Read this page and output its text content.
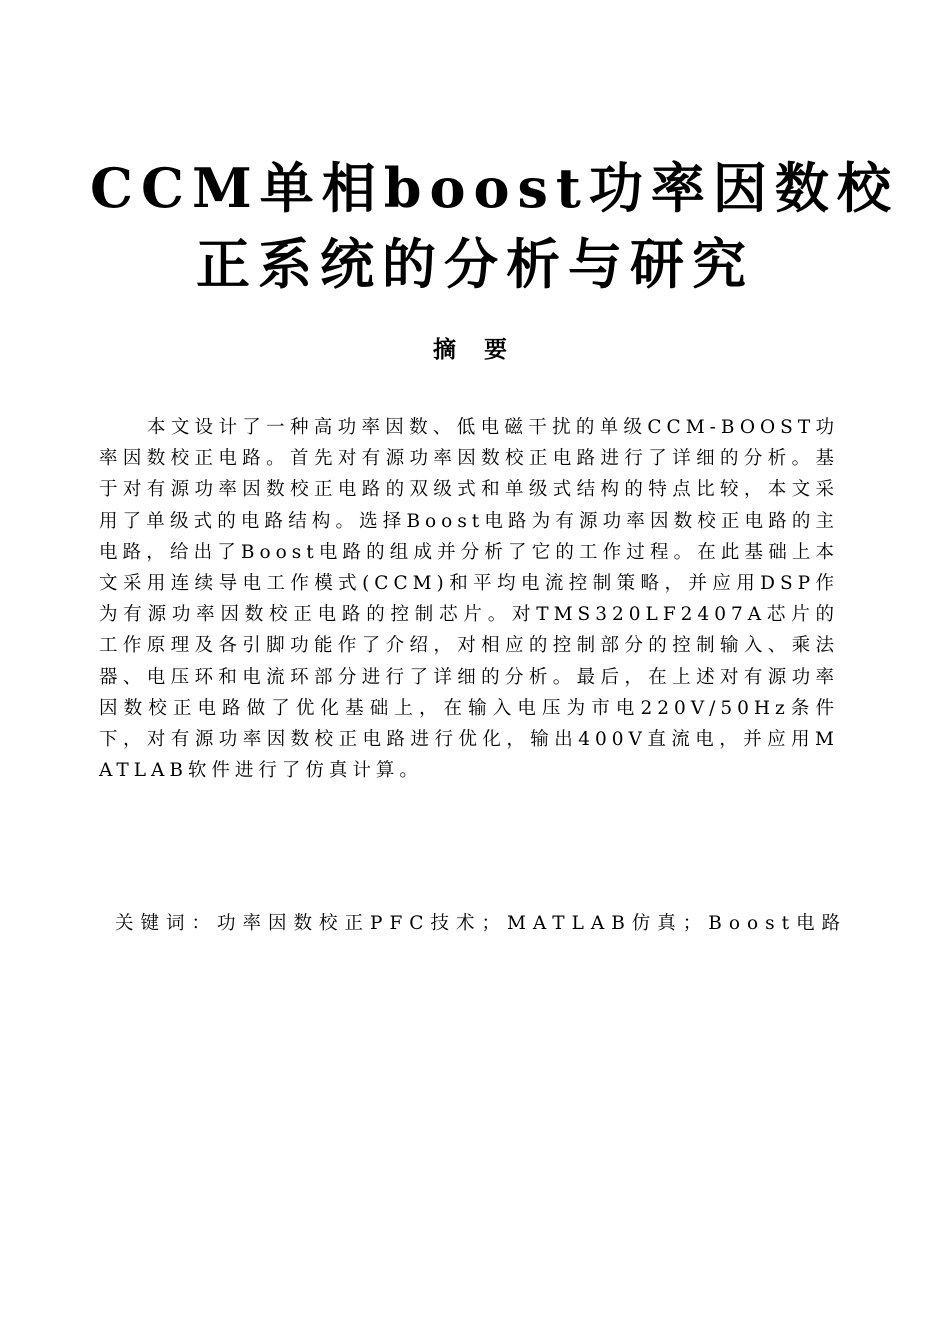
CCM单相boost功率因数校
正系统的分析与研究
摘 要

本文设计了一种高功率因数、低电磁干扰的单级CCM-BOOST功率因数校正电路。首先对有源功率因数校正电路进行了详细的分析。基于对有源功率因数校正电路的双级式和单级式结构的特点比较，本文采用了单级式的电路结构。选择Boost电路为有源功率因数校正电路的主电路，给出了Boost电路的组成并分析了它的工作过程。在此基础上本文采用连续导电工作模式(CCM)和平均电流控制策略，并应用DSP作为有源功率因数校正电路的控制芯片。对TMS320LF2407A芯片的工作原理及各引脚功能作了介绍，对相应的控制部分的控制输入、乘法器、电压环和电流环部分进行了详细的分析。最后，在上述对有源功率因数校正电路做了优化基础上，在输入电压为市电220V/50Hz条件下，对有源功率因数校正电路进行优化，输出400V直流电，并应用MATLAB软件进行了仿真计算。

关键词：功率因数校正PFC技术；MATLAB仿真；Boost电路
